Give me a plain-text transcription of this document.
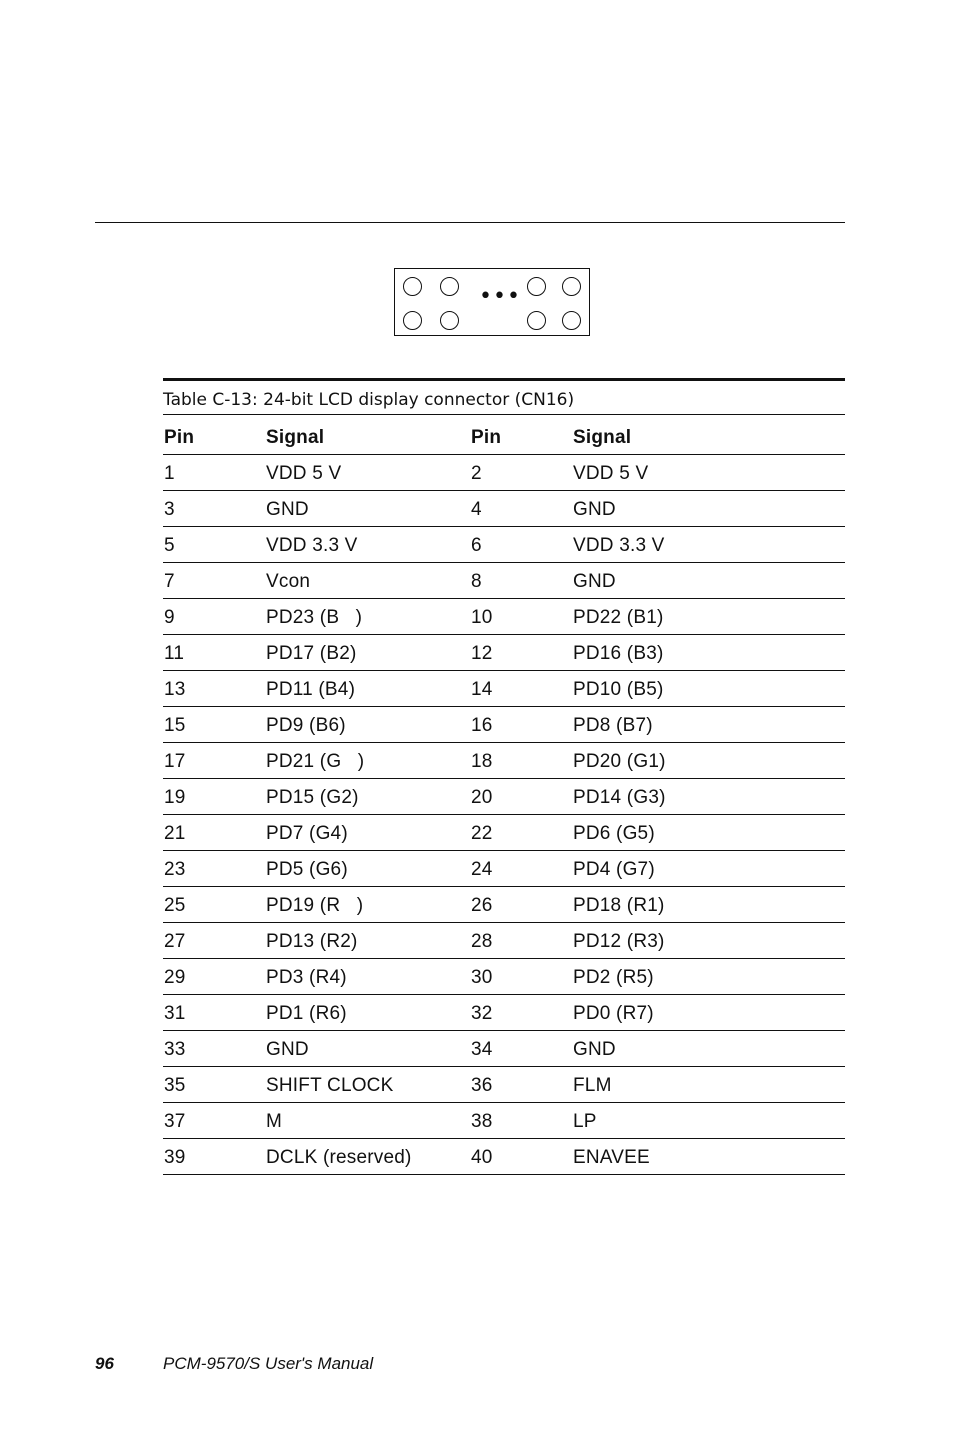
•••
Table C-13: 24-bit LCD display connector (CN16)
Pin	Signal	Pin	Signal
1	VDD 5 V	2	VDD 5 V
3	GND	4	GND
5	VDD 3.3 V	6	VDD 3.3 V
7	Vcon	8	GND
9	PD23 (B   )	10	PD22 (B1)
11	PD17 (B2)	12	PD16 (B3)
13	PD11 (B4)	14	PD10 (B5)
15	PD9 (B6)	16	PD8 (B7)
17	PD21 (G   )	18	PD20 (G1)
19	PD15 (G2)	20	PD14 (G3)
21	PD7 (G4)	22	PD6 (G5)
23	PD5 (G6)	24	PD4 (G7)
25	PD19 (R   )	26	PD18 (R1)
27	PD13 (R2)	28	PD12 (R3)
29	PD3 (R4)	30	PD2 (R5)
31	PD1 (R6)	32	PD0 (R7)
33	GND	34	GND
35	SHIFT CLOCK	36	FLM
37	M	38	LP
39	DCLK (reserved)	40	ENAVEE
96	PCM-9570/S User's Manual
